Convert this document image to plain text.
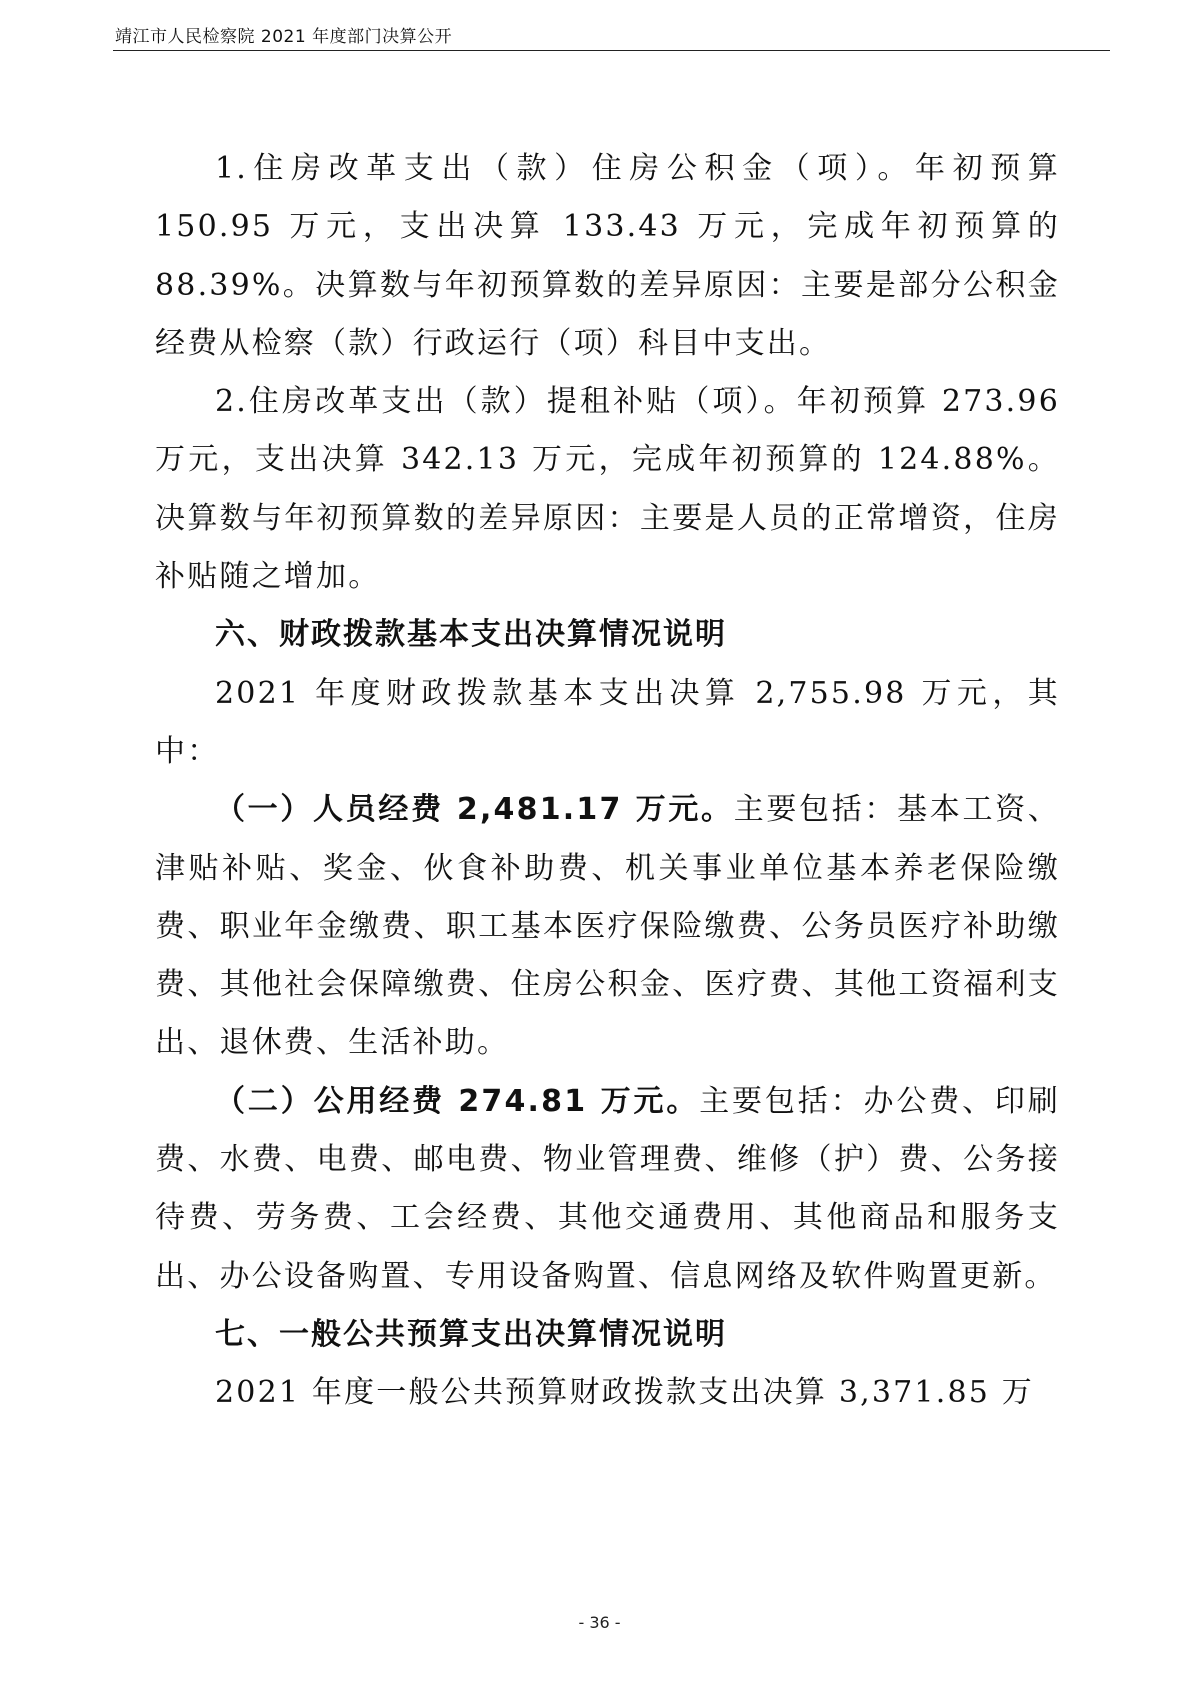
靖江市人民检察院 2021 年度部门决算公开

1.住房改革支出（款）住房公积金（项）。年初预算 150.95 万元，支出决算 133.43 万元，完成年初预算的 88.39%。决算数与年初预算数的差异原因：主要是部分公积金经费从检察（款）行政运行（项）科目中支出。

2.住房改革支出（款）提租补贴（项）。年初预算 273.96 万元，支出决算 342.13 万元，完成年初预算的 124.88%。决算数与年初预算数的差异原因：主要是人员的正常增资，住房补贴随之增加。

六、财政拨款基本支出决算情况说明

2021 年度财政拨款基本支出决算 2,755.98 万元，其中：

（一）人员经费 2,481.17 万元。主要包括：基本工资、津贴补贴、奖金、伙食补助费、机关事业单位基本养老保险缴费、职业年金缴费、职工基本医疗保险缴费、公务员医疗补助缴费、其他社会保障缴费、住房公积金、医疗费、其他工资福利支出、退休费、生活补助。

（二）公用经费 274.81 万元。主要包括：办公费、印刷费、水费、电费、邮电费、物业管理费、维修（护）费、公务接待费、劳务费、工会经费、其他交通费用、其他商品和服务支出、办公设备购置、专用设备购置、信息网络及软件购置更新。

七、一般公共预算支出决算情况说明

2021 年度一般公共预算财政拨款支出决算 3,371.85 万

- 36 -
